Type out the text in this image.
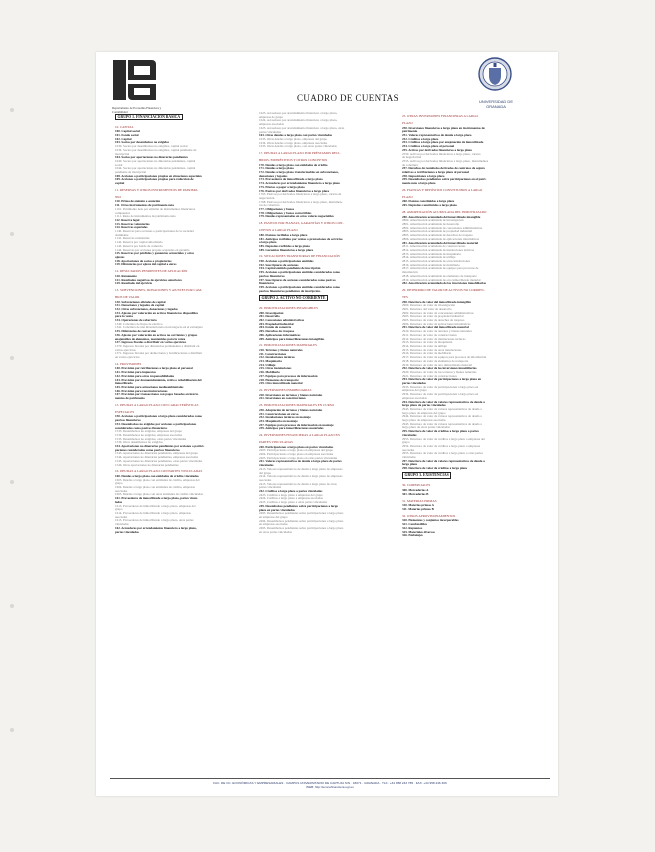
Departamento de Economía Financiera y Contabilidad
UNIVERSIDAD DE GRANADA
CUADRO DE CUENTAS
GRUPO 1. FINANCIACIÓN BÁSICA

10. CAPITAL
100. Capital social
101. Fondo social
102. Capital
103. Socios por desembolsos no exigidos
1030. Socios por desembolsos no exigidos, capital social
1034. Socios por desembolsos no exigidos, capital pendiente de
inscripción
104. Socios por aportaciones no dinerarias pendientes
1040. Socios por aportaciones no dinerarias pendientes, capital
social
1044. Socios por aportaciones no dinerarias pendientes, capital
pendiente de inscripción
108. Acciones o participaciones propias en situaciones especiales
109. Acciones o participaciones propias para reducción de
capital
11. RESERVAS Y OTROS INSTRUMENTOS DE PATRIMO-
NIO
110. Prima de emisión o asunción
111. Otros instrumentos de patrimonio neto
1110. Patrimonio neto por emisión de instrumentos financieros
compuestos
1111. Resto de instrumentos de patrimonio neto
112. Reserva legal
113. Reservas voluntarias
114. Reservas especiales
1140. Reservas para acciones o participaciones de la sociedad
dominante
1141. Reservas estatutarias
1142. Reserva por capital amortizado
1143. Reserva por fondo de comercio
1144. Reservas por acciones propias aceptadas en garantía
115. Reservas por pérdidas y ganancias actuariales y otros
ajustes
118. Aportaciones de socios o propietarios
119. Diferencias por ajuste del capital a euros
12. RESULTADOS PENDIENTES DE APLICACIÓN
120. Remanente
121. Resultados negativos de ejercicios anteriores
129. Resultado del ejercicio
13. SUBVENCIONES, DONACIONES Y AJUSTES POR CAM-
BIOS DE VALOR
130. Subvenciones oficiales de capital
131. Donaciones y legados de capital
132. Otras subvenciones, donaciones y legados
133. Ajustes por valoración en activos financieros disponibles
para la venta
134. Operaciones de cobertura
1340. Cobertura de flujos de efectivo
1341. Cobertura de una inversión neta en un negocio en el extranjero
135. Diferencias de conversión
136. Ajustes por valoración en activos no corrientes y grupos
enajenables de elementos, mantenidos para la venta
137. Ingresos fiscales a distribuir en varios ejercicios
1370. Ingresos fiscales por diferencias permanentes a distribuir en
varios ejercicios
1371. Ingresos fiscales por deducciones y bonificaciones a distribuir
en varios ejercicios
14. PROVISIONES
140. Provisión por retribuciones a largo plazo al personal
141. Provisión para impuestos
142. Provisión para otras responsabilidades
143. Provisión por desmantelamiento, retiro o rehabilitación del
inmovilizado
145. Provisión para actuaciones medioambientales
146. Provisión para reestructuraciones
147. Provisión por transacciones con pagos basados en instru-
mentos de patrimonio
15. DEUDAS A LARGO PLAZO CON CARACTERÍSTICAS
ESPECIALES
150. Acciones o participaciones a largo plazo consideradas como
pasivos financieros
153. Desembolsos no exigidos por acciones o participaciones
consideradas como pasivos financieros
1533. Desembolsos no exigidos, empresas del grupo
1534. Desembolsos no exigidos, empresas asociadas
1535. Desembolsos no exigidos, otras partes vinculadas
1536. Otros desembolsos no exigidos
154. Aportaciones no dinerarias pendientes por acciones o partici-
paciones consideradas como pasivos financieros
1543. Aportaciones no dinerarias pendientes, empresas del grupo
1544. Aportaciones no dinerarias pendientes, empresas asociadas
1545. Aportaciones no dinerarias pendientes, otras partes vinculadas
1546. Otras aportaciones no dinerarias pendientes
16. DEUDAS A LARGO PLAZO CON PARTES VINCULADAS
160. Deudas a largo plazo con entidades de crédito vinculadas
1603. Deudas a largo plazo con entidades de crédito, empresas del
grupo
1604. Deudas a largo plazo con entidades de crédito, empresas
asociadas
1605. Deudas a largo plazo con otras entidades de crédito vinculadas
161. Proveedores de inmovilizado a largo plazo, partes vincu-
ladas
1613. Proveedores de inmovilizado a largo plazo, empresas del
grupo
1614. Proveedores de inmovilizado a largo plazo, empresas
asociadas
1615. Proveedores de inmovilizado a largo plazo, otras partes
vinculadas
162. Acreedores por arrendamiento financiero a largo plazo,
partes vinculadas
1623. Acreedores por arrendamiento financiero a largo plazo,
empresas de grupo
1624. Acreedores por arrendamiento financiero a largo plazo,
empresas asociadas
1625. Acreedores por arrendamiento financiero a largo plazo, otras
partes vinculadas
163. Otras deudas a largo plazo con partes vinculadas
1633. Otras deudas a largo plazo, empresas del grupo
1634. Otras deudas a largo plazo, empresas asociadas
1635. Otras deudas a largo plazo, con otras partes vinculadas
17. DEUDAS A LARGO PLAZO POR PRÉSTAMOS RECI-
BIDOS, EMPRÉSTITOS Y OTROS CONCEPTOS
170. Deudas a largo plazo con entidades de crédito
171. Deudas a largo plazo
172. Deudas a largo plazo transformables en subvenciones,
donaciones y legados
173. Proveedores de inmovilizado a largo plazo
174. Acreedores por arrendamiento financiero a largo plazo
175. Efectos a pagar a largo plazo
176. Pasivos por derivados financieros a largo plazo
1765. Pasivos por derivados financieros a largo plazo, cartera de
negociación
1768. Pasivos por derivados financieros a largo plazo, instrumen-
tos de cobertura
177. Obligaciones y bonos
178. Obligaciones y bonos convertibles
179. Deudas representadas en otros valores negociables
18. PASIVOS POR FIANZAS, GARANTÍAS Y OTROS CON-
CEPTOS A LARGO PLAZO
180. Fianzas recibidas a largo plazo
181. Anticipos recibidos por ventas o prestaciones de servicios
a largo plazo
185. Depósitos recibidos a largo plazo
189. Garantías financieras a largo plazo
19. SITUACIONES TRANSITORIAS DE FINANCIACIÓN
190. Acciones o participaciones emitidas
192. Suscriptores de acciones
194. Capital emitido pendiente de inscripción
195. Acciones o participaciones emitidas consideradas como
pasivos financieros
197. Suscriptores de acciones consideradas como pasivos
financieros
199. Acciones o participaciones emitidas consideradas como
pasivos financieros pendientes de inscripción.
GRUPO 2. ACTIVO NO CORRIENTE

20. INMOVILIZACIONES INTANGIBLES
200. Investigación
201. Desarrollo
202. Concesiones administrativas
203. Propiedad industrial
204. Fondo de comercio
205. Derechos de traspaso
206. Aplicaciones informáticas
209. Anticipos para inmovilizaciones intangibles
21. INMOVILIZACIONES MATERIALES
210. Terrenos y bienes naturales
211. Construcciones
212. Instalaciones técnicas
213. Maquinaria
214. Utillaje
215. Otras instalaciones
216. Mobiliario
217. Equipos para procesos de información
218. Elementos de transporte
219. Otro inmovilizado material
22. INVERSIONES INMOBILIARIAS
220. Inversiones en terrenos y bienes naturales
221. Inversiones en construcciones
23. INMOVILIZACIONES MATERIALES EN CURSO
230. Adaptación de terrenos y bienes naturales
231. Construcciones en curso
232. Instalaciones técnicas en montaje
233. Maquinaria en montaje
237. Equipos para procesos de información en montaje
239. Anticipos para inmovilizaciones materiales
24. INVERSIONES FINANCIERAS A LARGO PLAZO EN
PARTES VINCULADAS
240. Participaciones a largo plazo en partes vinculadas
2403. Participaciones a largo plazo en empresas del grupo
2404. Participaciones a largo plazo en empresas asociadas
2405. Participaciones a largo plazo en otras partes vinculadas
241. Valores representativos de deuda a largo plazo de partes
vinculadas
2413. Valores representativos de deuda a largo plazo de empresas
del grupo
2414. Valores representativos de deuda a largo plazo de empresas
asociadas
2415. Valores representativos de deuda a largo plazo de otras
partes vinculadas
242. Créditos a largo plazo a partes vinculadas
2423. Créditos a largo plazo a empresas del grupo
2424. Créditos a largo plazo a empresas asociadas
2425. Créditos a largo plazo a otras partes vinculadas
249. Desembolsos pendientes sobre participaciones a largo
plazo en partes vinculadas
2493. Desembolsos pendientes sobre participaciones a largo plazo
en empresas del grupo
2494. Desembolsos pendientes sobre participaciones a largo plazo
en empresas asociadas
2495. Desembolsos pendientes sobre participaciones a largo plazo
en otras partes vinculadas
25. OTRAS INVERSIONES FINANCIERAS A LARGO
PLAZO
250. Inversiones financieras a largo plazo en instrumentos de
patrimonio
251. Valores representativos de deuda a largo plazo
252. Créditos a largo plazo
253. Créditos a largo plazo por enajenación de inmovilizado
254. Créditos a largo plazo al personal
255. Activos por derivados financieros a largo plazo
2550. Activos por derivados financieros a largo plazo, cartera
de negociación
2553. Activos por derivados financieros a largo plazo, instrumentos
de cobertura
257. Derechos de reembolso derivados de contratos de seguro
relativos a retribuciones a largo plazo al personal
258. Imposiciones a largo plazo
259. Desembolsos pendientes sobre participaciones en el patri-
monio neto a largo plazo
26. FIANZAS Y DEPÓSITOS CONSTITUIDOS A LARGO
PLAZO
260. Fianzas constituidas a largo plazo
265. Depósitos constituidos a largo plazo
28. AMORTIZACIÓN ACUMULADA DEL INMOVILIZADO
280. Amortización acumulada del inmovilizado intangible
2800. Amortización acumulada de investigación
2801. Amortización acumulada de desarrollo
2802. Amortización acumulada de concesiones administrativas
2803. Amortización acumulada de propiedad industrial
2805. Amortización acumulada de derechos de traspaso
2806. Amortización acumulada de aplicaciones informáticas
281. Amortización acumulada del inmovilizado material
2811. Amortización acumulada de construcciones
2812. Amortización acumulada de instalaciones técnicas
2813. Amortización acumulada de maquinaria
2814. Amortización acumulada de utillaje
2815. Amortización acumulada de otras instalaciones
2816. Amortización acumulada de mobiliario
2817. Amortización acumulada de equipos para procesos de
información
2818. Amortización acumulada de elementos de transporte
2819. Amortización acumulada de otro inmovilizado material
282. Amortización acumulada de las inversiones inmobiliarias
29. DETERIORO DE VALOR DE ACTIVOS NO CORRIEN-
TES
290. Deterioro de valor del inmovilizado intangible
2900. Deterioro de valor de investigación
2901. Deterioro del valor de desarrollo
2902. Deterioro de valor de concesiones administrativas
2903. Deterioro de valor de propiedad industrial
2905. Deterioro de valor de derechos de traspaso
2906. Deterioro de valor de aplicaciones informáticas
291. Deterioro de valor del inmovilizado material
2910. Deterioro de valor de terrenos y bienes naturales
2911. Deterioro de valor de construcciones
2912. Deterioro de valor de instalaciones técnicas
2913. Deterioro de valor de maquinaria
2914. Deterioro de valor de utillaje
2915. Deterioro de valor de otras instalaciones
2916. Deterioro de valor de mobiliario
2917. Deterioro de valor de equipos para procesos de información
2918. Deterioro de valor de elementos de transporte
2919. Deterioro de valor de otro inmovilizado material
292. Deterioro de valor de las inversiones inmobiliarias
2920. Deterioro de valor de los terrenos y bienes naturales
2921. Deterioro de valor de construcciones
293. Deterioro de valor de participaciones a largo plazo en
partes vinculadas
2933. Deterioro de valor de participaciones a largo plazo en
empresas del grupo
2934. Deterioro de valor de participaciones a largo plazo en
empresas asociadas
294. Deterioro de valor de valores representativos de deuda a
largo plazo de partes vinculadas
2943. Deterioro de valor de valores representativos de deuda a
largo plazo de empresas del grupo
2944. Deterioro de valor de valores representativos de deuda a
largo plazo de empresas asociadas
2945. Deterioro de valor de valores representativos de deuda a
largo plazo de otras partes vinculadas
295. Deterioro de valor de créditos a largo plazo a partes
vinculadas
2953. Deterioro de valor de créditos a largo plazo a empresas del
grupo
2954. Deterioro de valor de créditos a largo plazo a empresas
asociadas
2955. Deterioro de valor de créditos a largo plazo a otras partes
vinculadas
297. Deterioro de valor de valores representativos de deuda a
largo plazo
298. Deterioro de valor de créditos a largo plazo
GRUPO 3. EXISTENCIAS

30. COMERCIALES
300. Mercaderías A
301. Mercaderías B
31. MATERIAS PRIMAS
310. Materias primas A
311. Materias primas B
32. OTROS APROVISIONAMIENTOS
320. Elementos y conjuntos incorporables
321. Combustibles
322. Repuestos
325. Materiales diversos
326. Embalajes
FAC. DE CC. ECONÓMICAS Y EMPRESARIALES · CAMPUS UNIVERSITARIO DE CARTUJA S/N · 18071 · GRANADA · TLF.: +34 958 243 785 · FAX: +34 958 246 309
WEB: http://econofinanciera.ugr.es
